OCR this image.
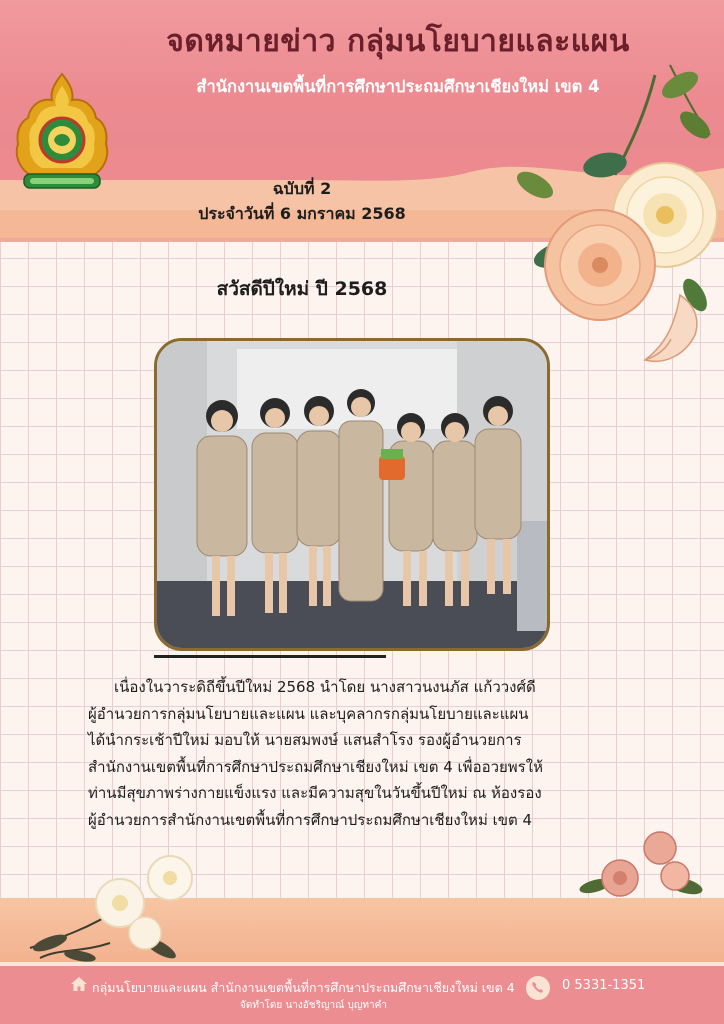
จดหมายข่าว กลุ่มนโยบายและแผน
สำนักงานเขตพื้นที่การศึกษาประถมศึกษาเชียงใหม่ เขต 4
ฉบับที่ 2
ประจำวันที่ 6 มกราคม 2568
สวัสดีปีใหม่ ปี 2568
เนื่องในวาระดิถีขึ้นปีใหม่ 2568 นำโดย นางสาวนงนภัส แก้ววงศ์ดี
ผู้อำนวยการกลุ่มนโยบายและแผน และบุคลากรกลุ่มนโยบายและแผน
ได้นำกระเช้าปีใหม่ มอบให้ นายสมพงษ์ แสนสำโรง รองผู้อำนวยการ
สำนักงานเขตพื้นที่การศึกษาประถมศึกษาเชียงใหม่ เขต 4 เพื่ออวยพรให้
ท่านมีสุขภาพร่างกายแข็งแรง และมีความสุขในวันขึ้นปีใหม่ ณ ห้องรอง
ผู้อำนวยการสำนักงานเขตพื้นที่การศึกษาประถมศึกษาเชียงใหม่ เขต 4
กลุ่มนโยบายและแผน สำนักงานเขตพื้นที่การศึกษาประถมศึกษาเชียงใหม่ เขต 4
จัดทำโดย นางอัชริญาณ์ บุญทาคำ
0 5331-1351
